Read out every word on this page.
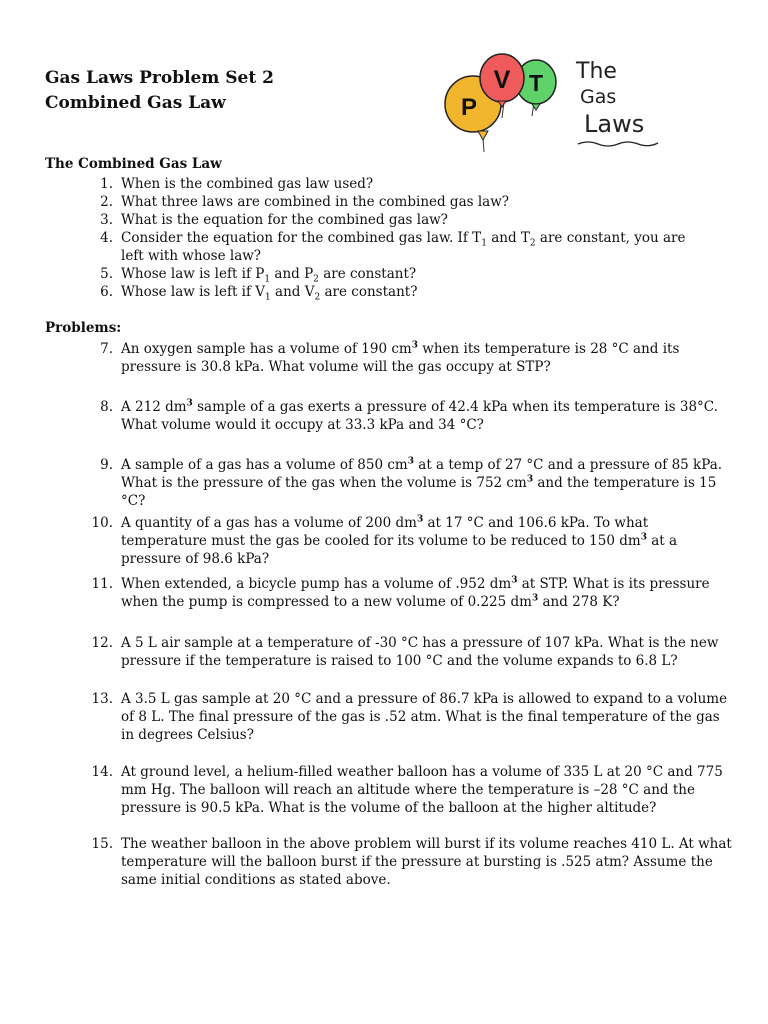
Gas Laws Problem Set 2
Combined Gas Law
T
P
V	The
Gas
Laws
The Combined Gas Law
1. When is the combined gas law used?
2. What three laws are combined in the combined gas law?
3. What is the equation for the combined gas law?
4. Consider the equation for the combined gas law. If $T_1$ and $T_2$ are constant, you are left with whose law?
5. Whose law is left if $P_1$ and $P_2$ are constant?
6. Whose law is left if $V_1$ and $V_2$ are constant?
Problems:
7. An oxygen sample has a volume of 190 $cm^3$ when its temperature is 28 °C and its pressure is 30.8 kPa. What volume will the gas occupy at STP?
8. A 212 $dm^3$ sample of a gas exerts a pressure of 42.4 kPa when its temperature is 38°C. What volume would it occupy at 33.3 kPa and 34 °C?
9. A sample of a gas has a volume of 850 $cm^3$ at a temp of 27 °C and a pressure of 85 kPa. What is the pressure of the gas when the volume is 752 $cm^3$ and the temperature is 15 °C?
10. A quantity of a gas has a volume of 200 $dm^3$ at 17 °C and 106.6 kPa. To what temperature must the gas be cooled for its volume to be reduced to 150 $dm^3$ at a pressure of 98.6 kPa?
11. When extended, a bicycle pump has a volume of .952 $dm^3$ at STP. What is its pressure when the pump is compressed to a new volume of 0.225 $dm^3$ and 278 K?
12. A 5 L air sample at a temperature of -30 °C has a pressure of 107 kPa. What is the new pressure if the temperature is raised to 100 °C and the volume expands to 6.8 L?
13. A 3.5 L gas sample at 20 °C and a pressure of 86.7 kPa is allowed to expand to a volume of 8 L. The final pressure of the gas is .52 atm. What is the final temperature of the gas in degrees Celsius?
14. At ground level, a helium-filled weather balloon has a volume of 335 L at 20 °C and 775 mm Hg. The balloon will reach an altitude where the temperature is –28 °C and the pressure is 90.5 kPa. What is the volume of the balloon at the higher altitude?
15. The weather balloon in the above problem will burst if its volume reaches 410 L. At what temperature will the balloon burst if the pressure at bursting is .525 atm? Assume the same initial conditions as stated above.
